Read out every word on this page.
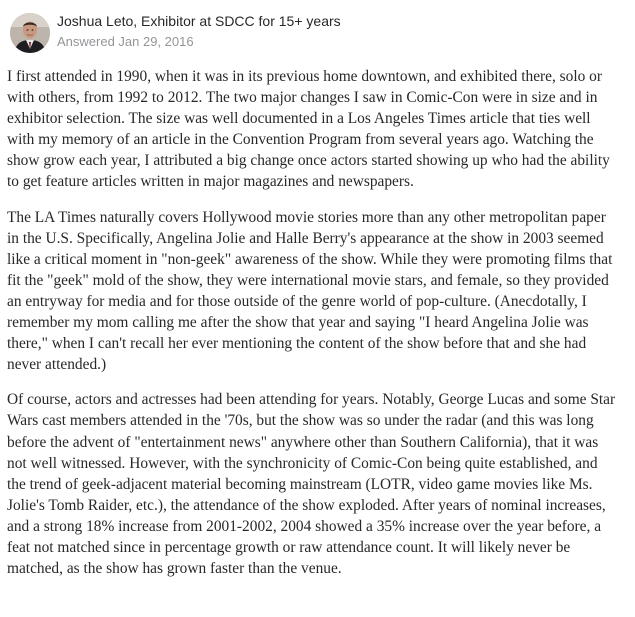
Joshua Leto, Exhibitor at SDCC for 15+ years
Answered Jan 29, 2016

I first attended in 1990, when it was in its previous home downtown, and exhibited there, solo or with others, from 1992 to 2012. The two major changes I saw in Comic-Con were in size and in exhibitor selection. The size was well documented in a Los Angeles Times article that ties well with my memory of an article in the Convention Program from several years ago. Watching the show grow each year, I attributed a big change once actors started showing up who had the ability to get feature articles written in major magazines and newspapers.

The LA Times naturally covers Hollywood movie stories more than any other metropolitan paper in the U.S. Specifically, Angelina Jolie and Halle Berry's appearance at the show in 2003 seemed like a critical moment in "non-geek" awareness of the show. While they were promoting films that fit the "geek" mold of the show, they were international movie stars, and female, so they provided an entryway for media and for those outside of the genre world of pop-culture. (Anecdotally, I remember my mom calling me after the show that year and saying "I heard Angelina Jolie was there," when I can't recall her ever mentioning the content of the show before that and she had never attended.)

Of course, actors and actresses had been attending for years. Notably, George Lucas and some Star Wars cast members attended in the '70s, but the show was so under the radar (and this was long before the advent of "entertainment news" anywhere other than Southern California), that it was not well witnessed. However, with the synchronicity of Comic-Con being quite established, and the trend of geek-adjacent material becoming mainstream (LOTR, video game movies like Ms. Jolie's Tomb Raider, etc.), the attendance of the show exploded. After years of nominal increases, and a strong 18% increase from 2001-2002, 2004 showed a 35% increase over the year before, a feat not matched since in percentage growth or raw attendance count. It will likely never be matched, as the show has grown faster than the venue.
